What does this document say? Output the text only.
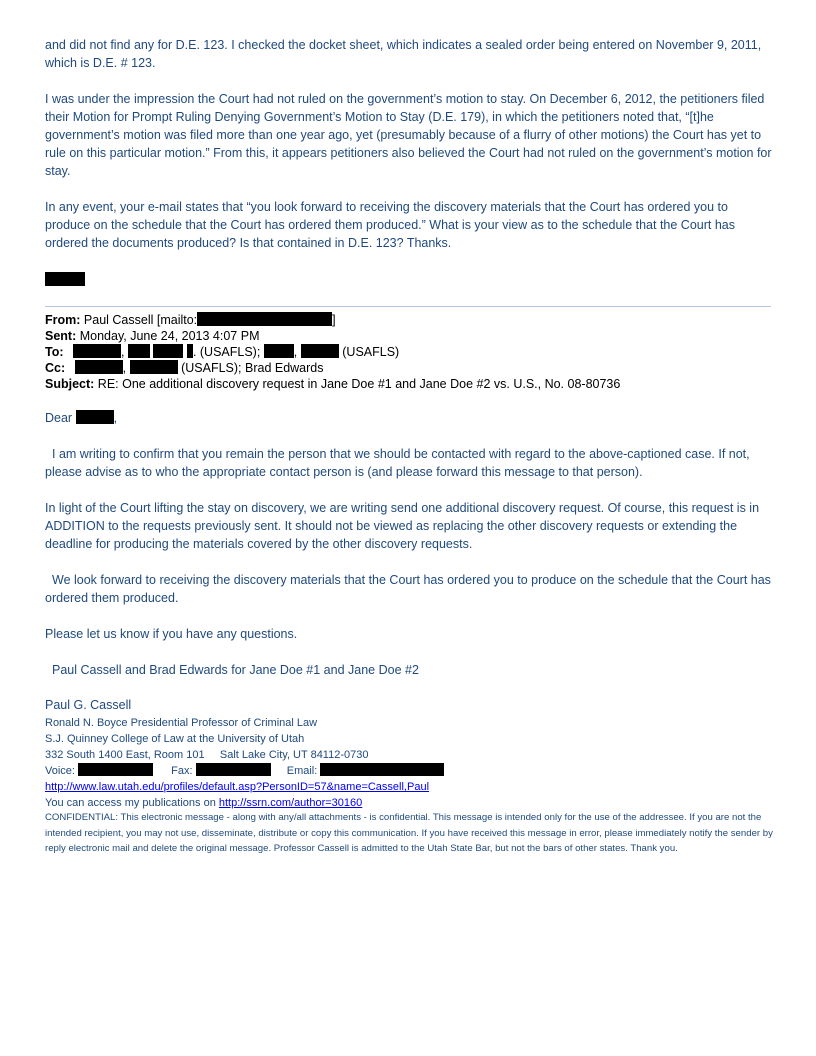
and did not find any for D.E. 123. I checked the docket sheet, which indicates a sealed order being entered on November 9, 2011, which is D.E. # 123.

I was under the impression the Court had not ruled on the government’s motion to stay. On December 6, 2012, the petitioners filed their Motion for Prompt Ruling Denying Government’s Motion to Stay (D.E. 179), in which the petitioners noted that, “[t]he government’s motion was filed more than one year ago, yet (presumably because of a flurry of other motions) the Court has yet to rule on this particular motion.” From this, it appears petitioners also believed the Court had not ruled on the government’s motion for stay.

In any event, your e-mail states that “you look forward to receiving the discovery materials that the Court has ordered you to produce on the schedule that the Court has ordered them produced.” What is your view as to the schedule that the Court has ordered the documents produced? Is that contained in D.E. 123? Thanks.

From: Paul Cassell [mailto:	]
Sent: Monday, June 24, 2013 4:07 PM
To:	,	. (USAFLS);	,	(USAFLS)
Cc:	,	(USAFLS); Brad Edwards
Subject: RE: One additional discovery request in Jane Doe #1 and Jane Doe #2 vs. U.S., No. 08-80736

Dear	,

I am writing to confirm that you remain the person that we should be contacted with regard to the above-captioned case. If not, please advise as to who the appropriate contact person is (and please forward this message to that person).

In light of the Court lifting the stay on discovery, we are writing send one additional discovery request. Of course, this request is in ADDITION to the requests previously sent. It should not be viewed as replacing the other discovery requests or extending the deadline for producing the materials covered by the other discovery requests.

We look forward to receiving the discovery materials that the Court has ordered you to produce on the schedule that the Court has ordered them produced.

Please let us know if you have any questions.

Paul Cassell and Brad Edwards for Jane Doe #1 and Jane Doe #2

Paul G. Cassell

Ronald N. Boyce Presidential Professor of Criminal Law

S.J. Quinney College of Law at the University of Utah

332 South 1400 East, Room 101     Salt Lake City, UT 84112-0730

Voice:	Fax:	Email:

http://www.law.utah.edu/profiles/default.asp?PersonID=57&name=Cassell,Paul

You can access my publications on http://ssrn.com/author=30160

CONFIDENTIAL: This electronic message - along with any/all attachments - is confidential. This message is intended only for the use of the addressee. If you are not the intended recipient, you may not use, disseminate, distribute or copy this communication. If you have received this message in error, please immediately notify the sender by reply electronic mail and delete the original message. Professor Cassell is admitted to the Utah State Bar, but not the bars of other states. Thank you.
